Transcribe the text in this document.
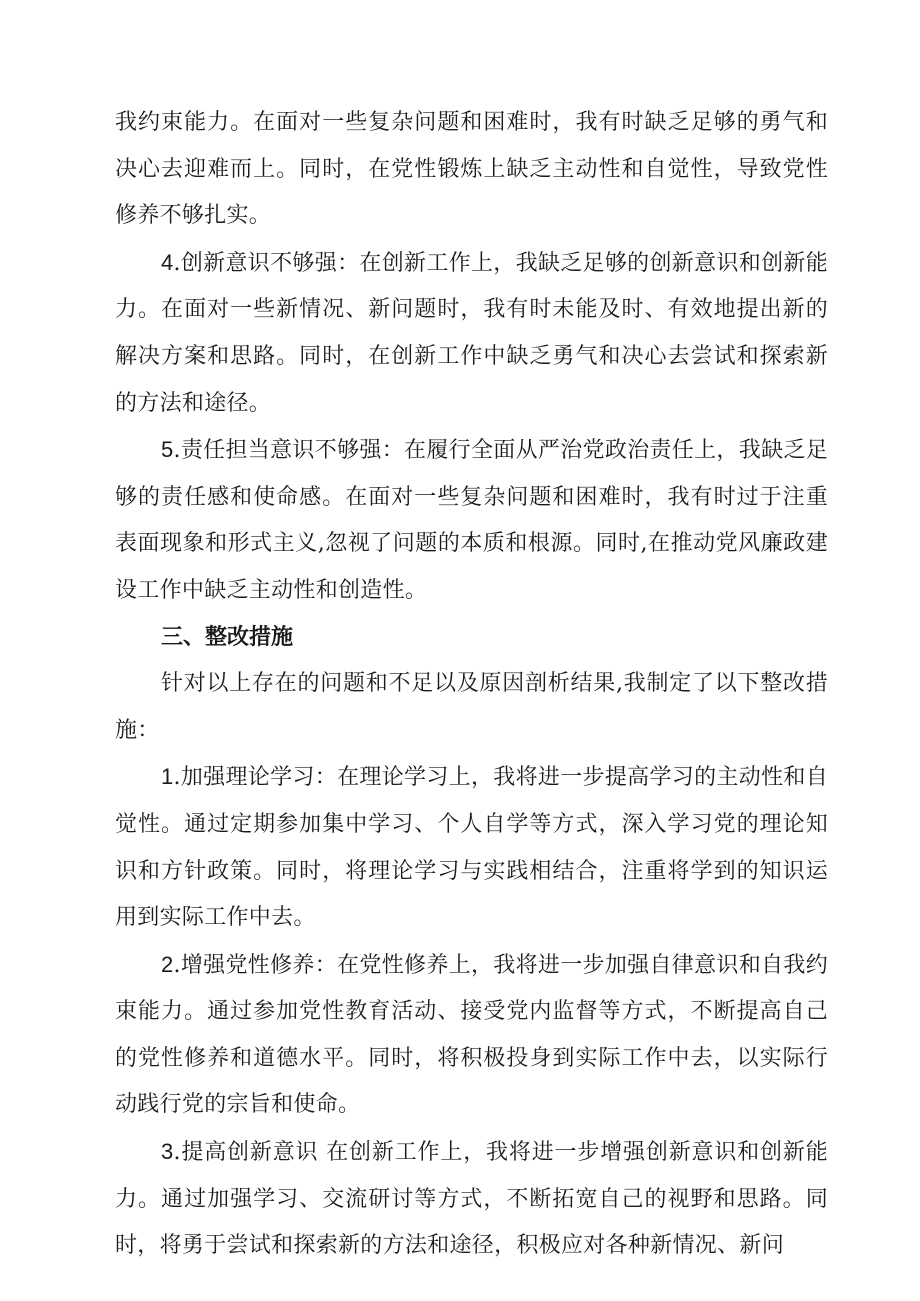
我约束能力。在面对一些复杂问题和困难时，我有时缺乏足够的勇气和决心去迎难而上。同时，在党性锻炼上缺乏主动性和自觉性，导致党性修养不够扎实。

4.创新意识不够强：在创新工作上，我缺乏足够的创新意识和创新能力。在面对一些新情况、新问题时，我有时未能及时、有效地提出新的解决方案和思路。同时，在创新工作中缺乏勇气和决心去尝试和探索新的方法和途径。

5.责任担当意识不够强：在履行全面从严治党政治责任上，我缺乏足够的责任感和使命感。在面对一些复杂问题和困难时，我有时过于注重表面现象和形式主义,忽视了问题的本质和根源。同时,在推动党风廉政建设工作中缺乏主动性和创造性。

三、整改措施

针对以上存在的问题和不足以及原因剖析结果,我制定了以下整改措施：

1.加强理论学习：在理论学习上，我将进一步提高学习的主动性和自觉性。通过定期参加集中学习、个人自学等方式，深入学习党的理论知识和方针政策。同时，将理论学习与实践相结合，注重将学到的知识运用到实际工作中去。

2.增强党性修养：在党性修养上，我将进一步加强自律意识和自我约束能力。通过参加党性教育活动、接受党内监督等方式，不断提高自己的党性修养和道德水平。同时，将积极投身到实际工作中去，以实际行动践行党的宗旨和使命。

3.提高创新意识 在创新工作上，我将进一步增强创新意识和创新能力。通过加强学习、交流研讨等方式，不断拓宽自己的视野和思路。同时，将勇于尝试和探索新的方法和途径，积极应对各种新情况、新问
